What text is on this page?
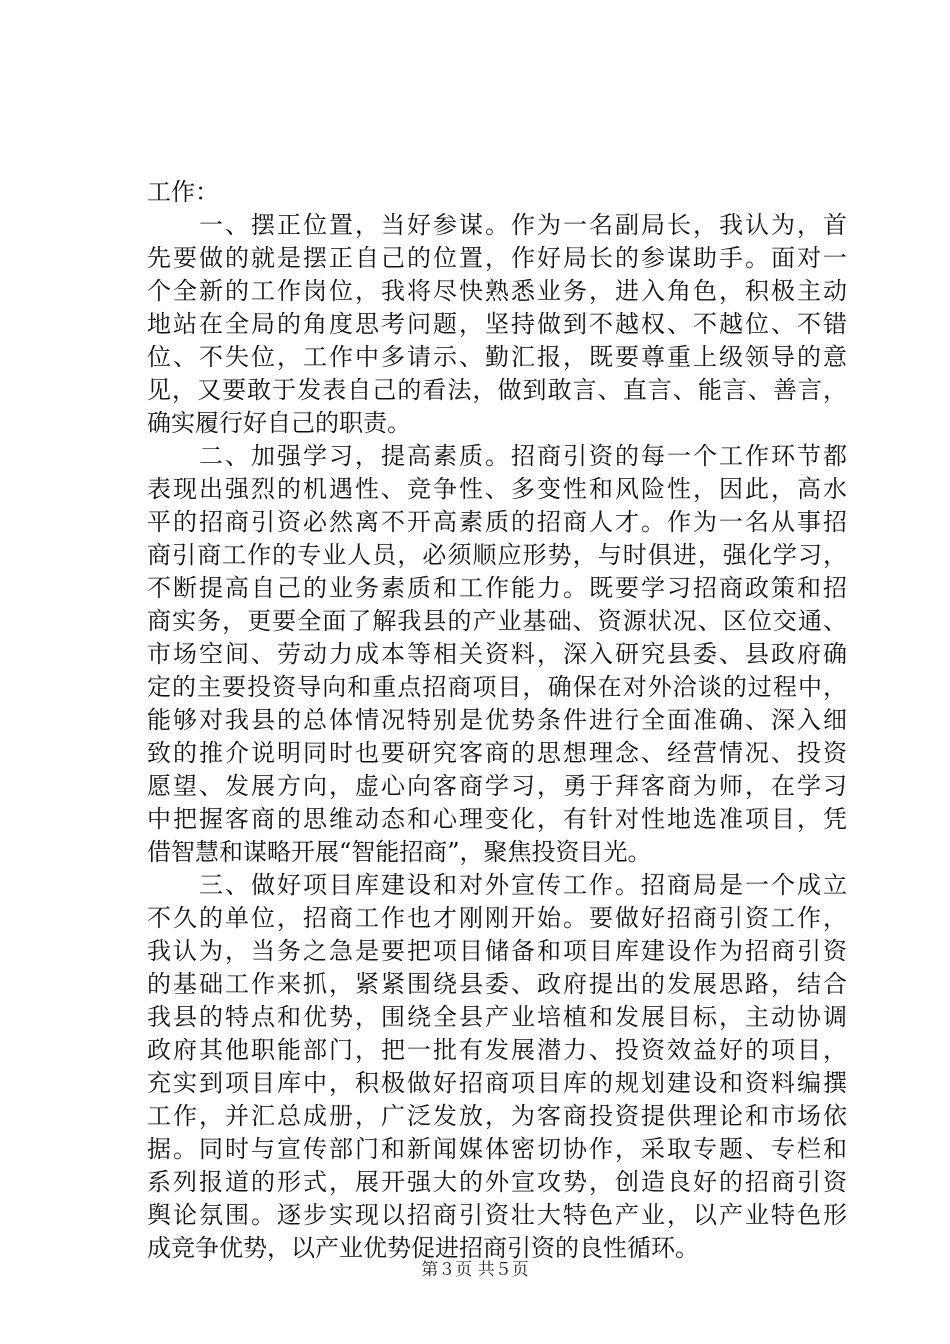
工作：
　　一、摆正位置，当好参谋。作为一名副局长，我认为，首
先要做的就是摆正自己的位置，作好局长的参谋助手。面对一
个全新的工作岗位，我将尽快熟悉业务，进入角色，积极主动
地站在全局的角度思考问题，坚持做到不越权、不越位、不错
位、不失位，工作中多请示、勤汇报，既要尊重上级领导的意
见，又要敢于发表自己的看法，做到敢言、直言、能言、善言，
确实履行好自己的职责。
　　二、加强学习，提高素质。招商引资的每一个工作环节都
表现出强烈的机遇性、竞争性、多变性和风险性，因此，高水
平的招商引资必然离不开高素质的招商人才。作为一名从事招
商引商工作的专业人员，必须顺应形势，与时俱进，强化学习，
不断提高自己的业务素质和工作能力。既要学习招商政策和招
商实务，更要全面了解我县的产业基础、资源状况、区位交通、
市场空间、劳动力成本等相关资料，深入研究县委、县政府确
定的主要投资导向和重点招商项目，确保在对外洽谈的过程中，
能够对我县的总体情况特别是优势条件进行全面准确、深入细
致的推介说明同时也要研究客商的思想理念、经营情况、投资
愿望、发展方向，虚心向客商学习，勇于拜客商为师，在学习
中把握客商的思维动态和心理变化，有针对性地选准项目，凭
借智慧和谋略开展“智能招商”，聚焦投资目光。
　　三、做好项目库建设和对外宣传工作。招商局是一个成立
不久的单位，招商工作也才刚刚开始。要做好招商引资工作，
我认为，当务之急是要把项目储备和项目库建设作为招商引资
的基础工作来抓，紧紧围绕县委、政府提出的发展思路，结合
我县的特点和优势，围绕全县产业培植和发展目标，主动协调
政府其他职能部门，把一批有发展潜力、投资效益好的项目，
充实到项目库中，积极做好招商项目库的规划建设和资料编撰
工作，并汇总成册，广泛发放，为客商投资提供理论和市场依
据。同时与宣传部门和新闻媒体密切协作，采取专题、专栏和
系列报道的形式，展开强大的外宣攻势，创造良好的招商引资
舆论氛围。逐步实现以招商引资壮大特色产业，以产业特色形
成竞争优势，以产业优势促进招商引资的良性循环。
第３页 共５页
